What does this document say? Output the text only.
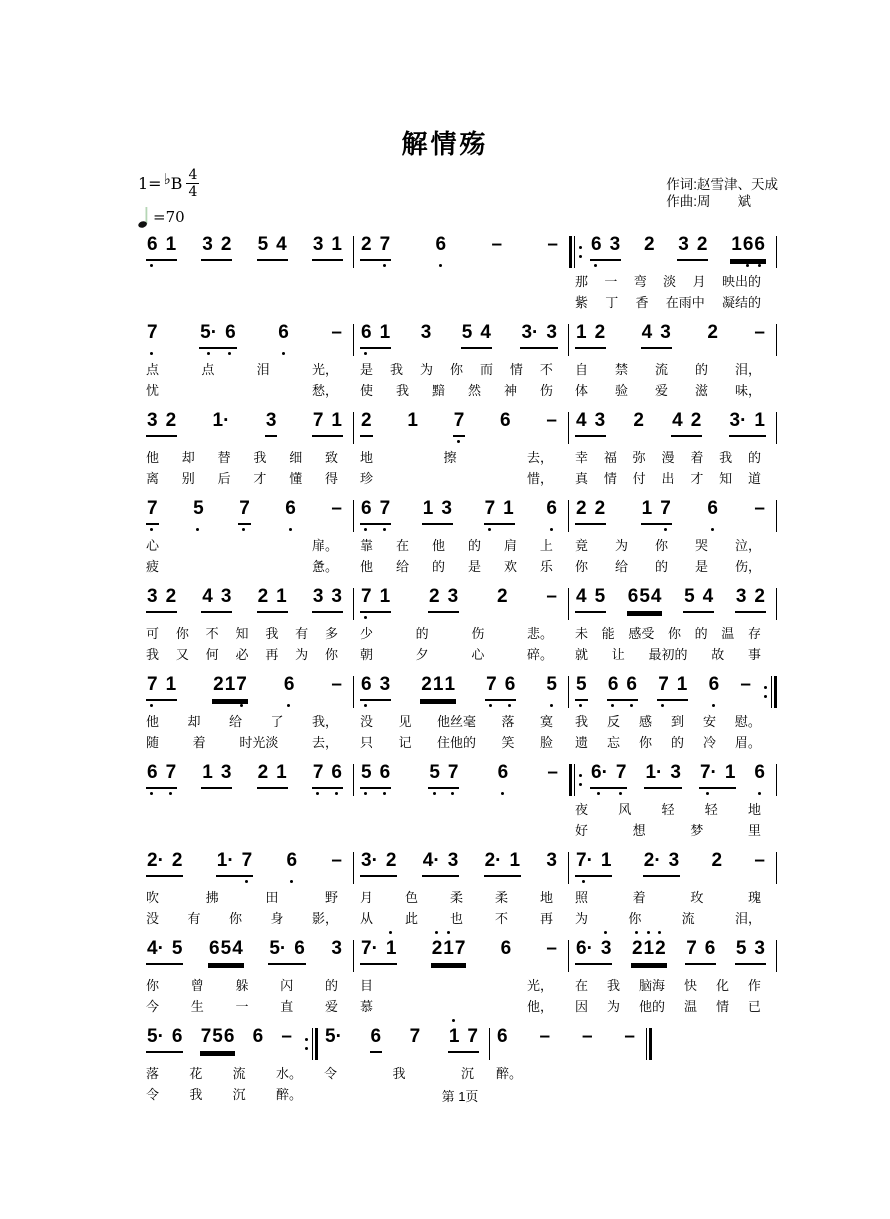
解情殇
1= ♭ B $\frac{4}{4}$
=70
作词:赵雪津、天成
作曲:周　　斌
6 1 3 2 5 4 3 1 2 7 6 – – 6 3 2 3 2 1 6 6
那 一 弯 淡 月 映出的
紫 丁 香 在雨中 凝结的
7 5· 6 6 –
点	点	泪	光，
忧	愁，
6 1 3 5 4 3· 3
是 我 为 你 而 情 不
使 我 黯 然 神 伤
1 2 4 3 2 –
自 禁 流 的 泪，
体 验 爱 滋 味，
3 2 1· 3 7 1
他 却 替 我 细 致
离 别 后 才 懂 得
2 1 7 6 –
地	擦	去，
珍	惜，
4 3 2 4 2 3· 1
幸 福 弥 漫 着 我 的
真 情 付 出 才 知 道
7 5 7 6 –
心	扉。
疲	惫。
6 7 1 3 7 1 6
靠 在 他 的 肩 上
他 给 的 是 欢 乐
2 2 1 7 6 –
竟 为 你 哭 泣，
你 给 的 是 伤，
3 2 4 3 2 1 3 3
可 你 不 知 我 有 多
我 又 何 必 再 为 你
7 1 2 3 2 –
少	的	伤	悲。
朝	夕	心	碎。
4 5 6 5 4 5 4 3 2
未 能 感受 你 的 温 存
就 让 最初的 故 事
7 1 2 1 7 6 –
他 却 给 了 我，
随	着	时光淡	去，
6 3 2 1 1 7 6 5
没 见 他丝毫 落 寞
只 记 住他的 笑 脸
5 6 6 7 1 6 –
我 反 感 到 安 慰。
遗 忘 你 的 冷 眉。
6 7 1 3 2 1 7 6 5 6 5 7 6 – 6· 7 1· 3 7· 1 6
夜 风 轻 轻 地
好	想	梦	里
2· 2 1· 7 6 –
吹	拂	田	野
没 有 你 身 影，
3· 2 4· 3 2· 1 3
月 色 柔 柔 地
从 此 也 不 再
7· 1 2· 3 2 –
照	着	玫	瑰
为	你	流	泪，
4· 5 6 5 4 5· 6 3
你 曾 躲 闪 的
今 生 一 直 爱
7· 1 2 1 7 6 –
目	光，
慕	他，
6· 3 2 1 2 7 6 5 3
在 我 脑海 快 化 作
因 为 他的 温 情 已
5· 6 7 5 6 6 –
落 花 流 水。
令 我 沉 醉。
5· 6 7 1 7
令	我	沉
6 – – –
醉。
第 1页
